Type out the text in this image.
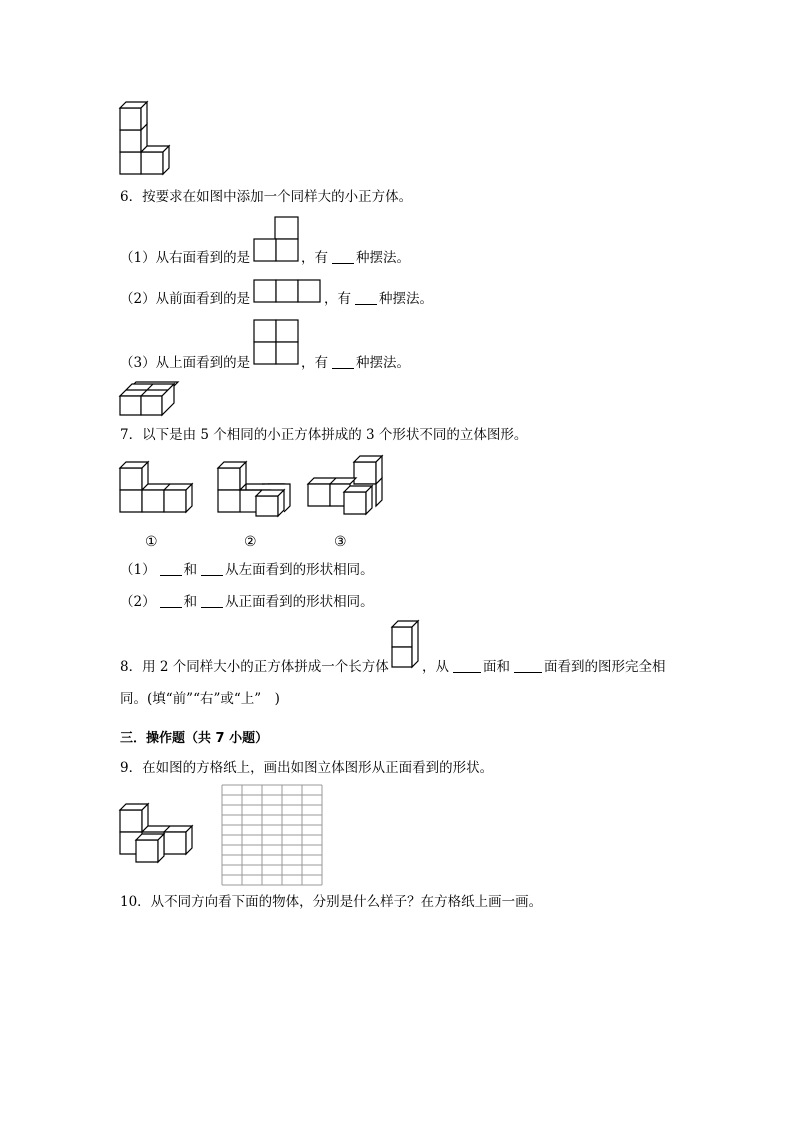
6．按要求在如图中添加一个同样大的小正方体。
（1）从右面看到的是	，有 种摆法。
（2）从前面看到的是	，有 种摆法。
（3）从上面看到的是	，有 种摆法。
7．以下是由 5 个相同的小正方体拼成的 3 个形状不同的立体图形。
①	②	③
（1） 和 从左面看到的形状相同。
（2） 和 从正面看到的形状相同。
8．用 2 个同样大小的正方体拼成一个长方体 ，从	面和	面看到的图形完全相
同。(填“前”“右”或“上”　)
三．操作题（共 7 小题）
9．在如图的方格纸上，画出如图立体图形从正面看到的形状。
10．从不同方向看下面的物体，分别是什么样子？在方格纸上画一画。
